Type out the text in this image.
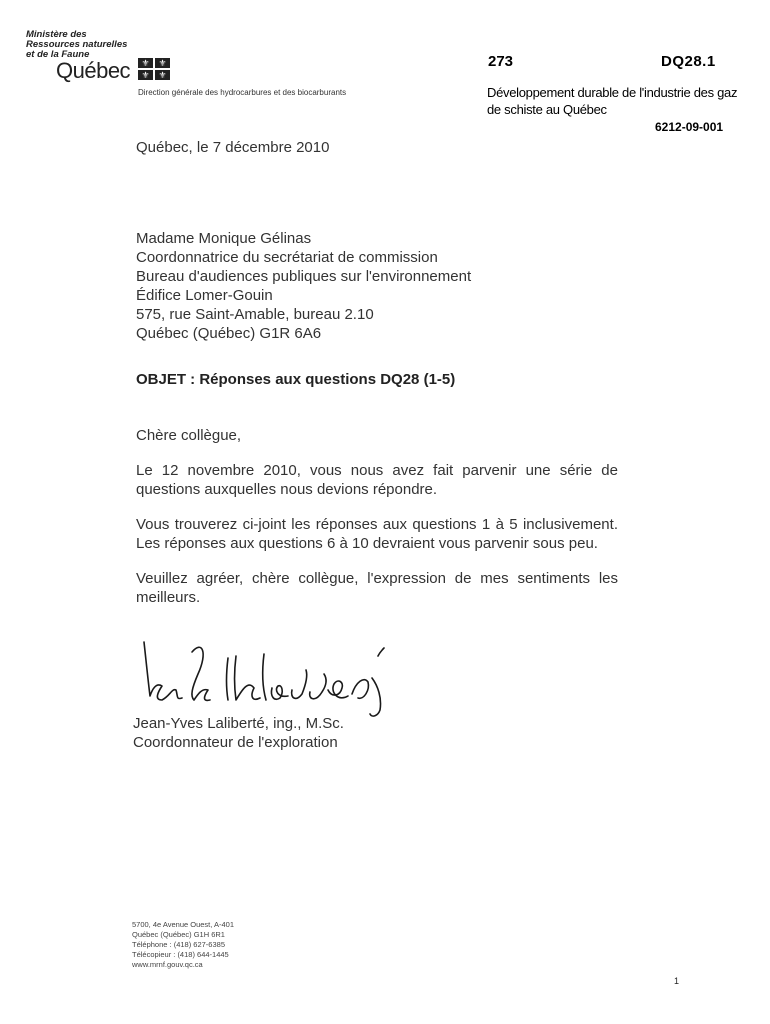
Ministère des
Ressources naturelles
et de la Faune
Québec	⚜ ⚜
⚜ ⚜
Direction générale des hydrocarbures et des biocarburants
273	DQ28.1
Développement durable de l'industrie des gaz de schiste au Québec
6212-09-001
Québec, le 7 décembre 2010
Madame Monique Gélinas
Coordonnatrice du secrétariat de commission
Bureau d'audiences publiques sur l'environnement
Édifice Lomer-Gouin
575, rue Saint-Amable, bureau 2.10
Québec (Québec) G1R 6A6
OBJET : Réponses aux questions DQ28 (1-5)
Chère collègue,
Le 12 novembre 2010, vous nous avez fait parvenir une série de questions auxquelles nous devions répondre.
Vous trouverez ci-joint les réponses aux questions 1 à 5 inclusivement. Les réponses aux questions 6 à 10 devraient vous parvenir sous peu.
Veuillez agréer, chère collègue, l'expression de mes sentiments les meilleurs.
Jean-Yves Laliberté, ing., M.Sc.
Coordonnateur de l'exploration
5700, 4e Avenue Ouest, A-401
Québec (Québec) G1H 6R1
Téléphone : (418) 627-6385
Télécopieur : (418) 644-1445
www.mrnf.gouv.qc.ca
1
